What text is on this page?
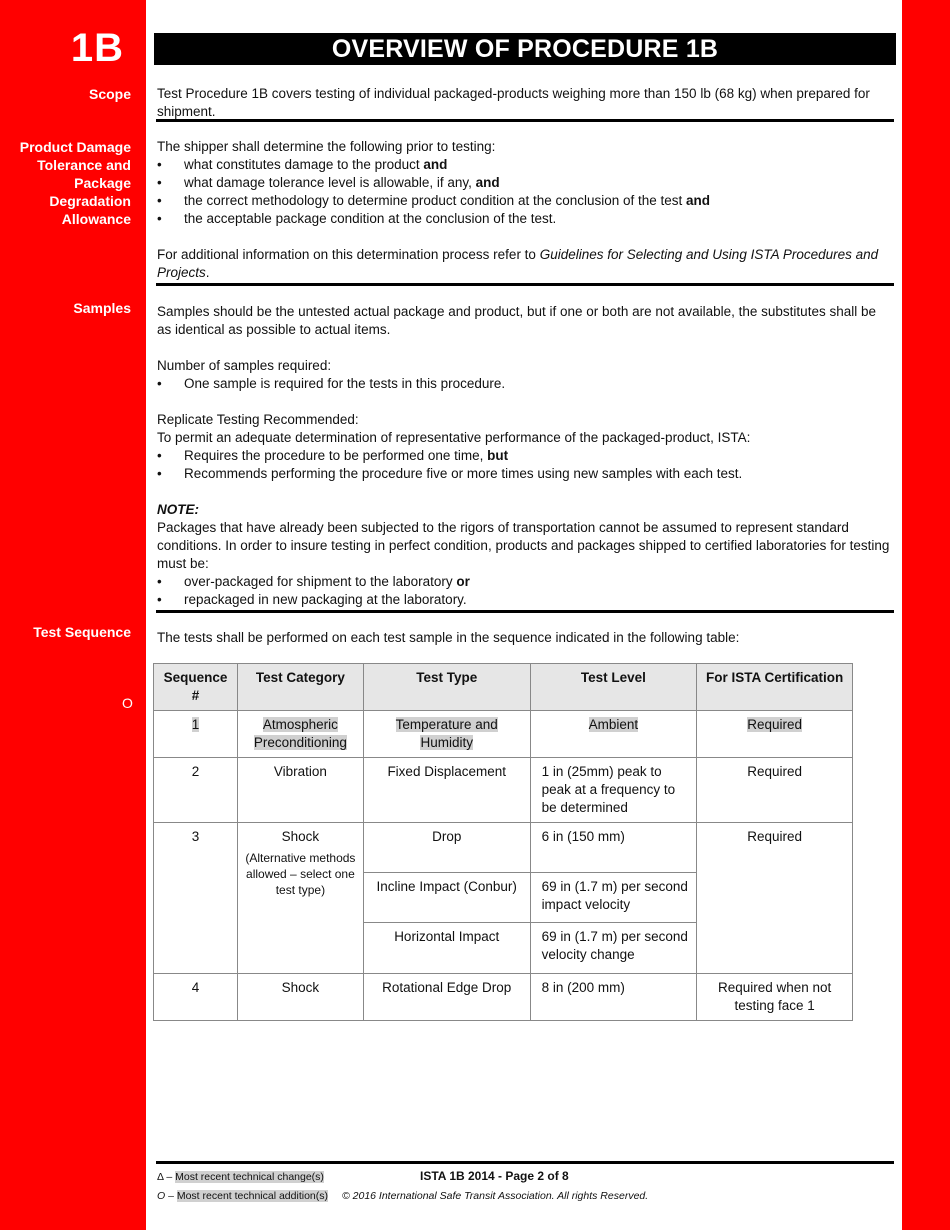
1B
Scope
Product Damage
Tolerance and
Package
Degradation
Allowance
Samples
Test Sequence
O
OVERVIEW OF PROCEDURE 1B

Test Procedure 1B covers testing of individual packaged-products weighing more than 150 lb (68 kg) when prepared for shipment.

The shipper shall determine the following prior to testing:

• what constitutes damage to the product and

• what damage tolerance level is allowable, if any, and

• the correct methodology to determine product condition at the conclusion of the test and

• the acceptable package condition at the conclusion of the test.

For additional information on this determination process refer to Guidelines for Selecting and Using ISTA Procedures and Projects.

Samples should be the untested actual package and product, but if one or both are not available, the substitutes shall be as identical as possible to actual items.

Number of samples required:

• One sample is required for the tests in this procedure.

Replicate Testing Recommended:

To permit an adequate determination of representative performance of the packaged-product, ISTA:

• Requires the procedure to be performed one time, but

• Recommends performing the procedure five or more times using new samples with each test.

NOTE:

Packages that have already been subjected to the rigors of transportation cannot be assumed to represent standard conditions. In order to insure testing in perfect condition, products and packages shipped to certified laboratories for testing must be:

• over-packaged for shipment to the laboratory or

• repackaged in new packaging at the laboratory.

The tests shall be performed on each test sample in the sequence indicated in the following table:

Sequence #	Test Category	Test Type	Test Level	For ISTA Certification
1	Atmospheric Preconditioning	Temperature and Humidity	Ambient	Required
2	Vibration	Fixed Displacement	1 in (25mm) peak to peak at a frequency to be determined	Required
3	Shock
(Alternative methods allowed – select one test type)	Drop	6 in (150 mm)	Required
		Incline Impact (Conbur)	69 in (1.7 m) per second impact velocity	
		Horizontal Impact	69 in (1.7 m) per second velocity change	
4	Shock	Rotational Edge Drop	8 in (200 mm)	Required when not testing face 1
Δ – Most recent technical change(s)	ISTA 1B 2014 - Page 2 of 8
O – Most recent technical addition(s) © 2016 International Safe Transit Association. All rights Reserved.
